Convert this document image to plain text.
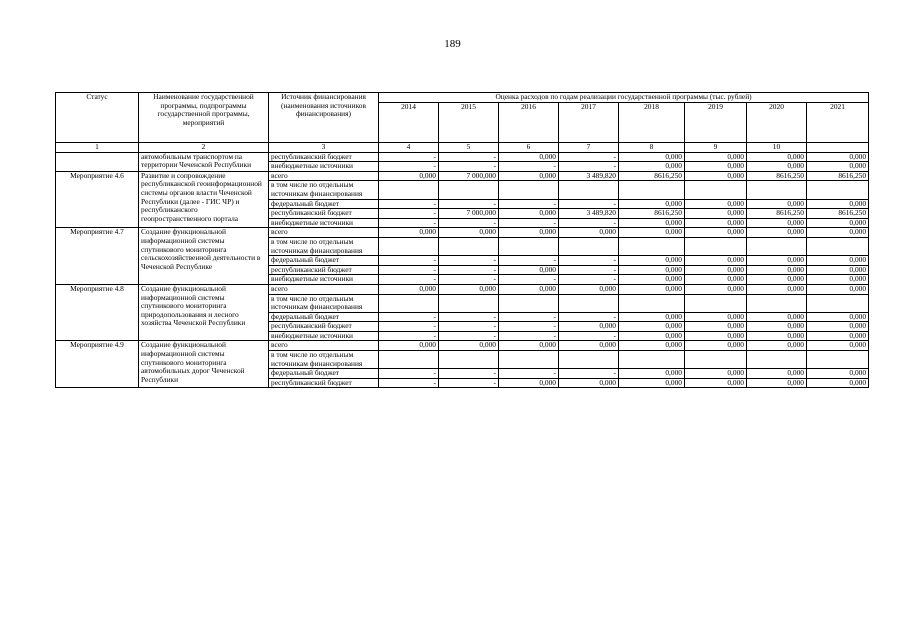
189
Статус	Наименование государственной программы, подпрограммы государственной программы, мероприятий	Источник финансирования (наименования источников финансирования)	Оценка расходов по годам реализации государственной программы (тыс. рублей)							
			2014	2015	2016	2017	2018	2019	2020	2021
1	2	3	4	5	6	7	8	9	10	
	автомобильным транспортом па территории Чеченской Республики	республиканский бюджет	-	-	0,000	-	0,000	0,000	0,000	0,000
		внебюджетные источники	-	-	-	-	0,000	0,000	0,000	0,000
Мероприятие 4.6	Развитие и сопровождение республиканской геоинформационной системы органов власти Чеченской Республики (далее - ГИС ЧР) и республиканского геопространственного портала	всего	0,000	7 000,000	0,000	3 489,820	8616,250	0,000	8616,250	8616,250
		в том числе по отдельным источникам финансирования								
		федеральный бюджет	-	-	-	-	0,000	0,000	0,000	0,000
		республиканский бюджет	-	7 000,000	0,000	3 489,820	8616,250	0,000	8616,250	8616,250
		внебюджетные источники	-	-	-	-	0,000	0,000	0,000	0,000
Мероприятие 4.7	Создание функциональной информационной системы спутникового мониторинга сельскохозяйственной деятельности в Чеченской Республике	всего	0,000	0,000	0,000	0,000	0,000	0,000	0,000	0,000
		в том числе по отдельным источникам финансирования								
		федеральный бюджет	-	-	-	-	0,000	0,000	0,000	0,000
		республиканский бюджет	-	-	0,000	-	0,000	0,000	0,000	0,000
		внебюджетные источники	-	-	-	-	0,000	0,000	0,000	0,000
Мероприятие 4.8	Создание функциональной информационной системы спутникового мониторинга природопользования и лесного хозяйства Чеченской Республики	всего	0,000	0,000	0,000	0,000	0,000	0,000	0,000	0,000
		в том числе по отдельным источникам финансирования								
		федеральный бюджет	-	-	-	-	0,000	0,000	0,000	0,000
		республиканский бюджет	-	-	-	0,000	0,000	0,000	0,000	0,000
		внебюджетные источники	-	-	-	-	0,000	0,000	0,000	0,000
Мероприятие 4.9	Создание функциональной информационной системы спутникового мониторинга автомобильных дорог Чеченской Республики	всего	0,000	0,000	0,000	0,000	0,000	0,000	0,000	0,000
		в том числе по отдельным источникам финансирования								
		федеральный бюджет	-	-	-	-	0,000	0,000	0,000	0,000
		республиканский бюджет	-	-	0,000	0,000	0,000	0,000	0,000	0,000
